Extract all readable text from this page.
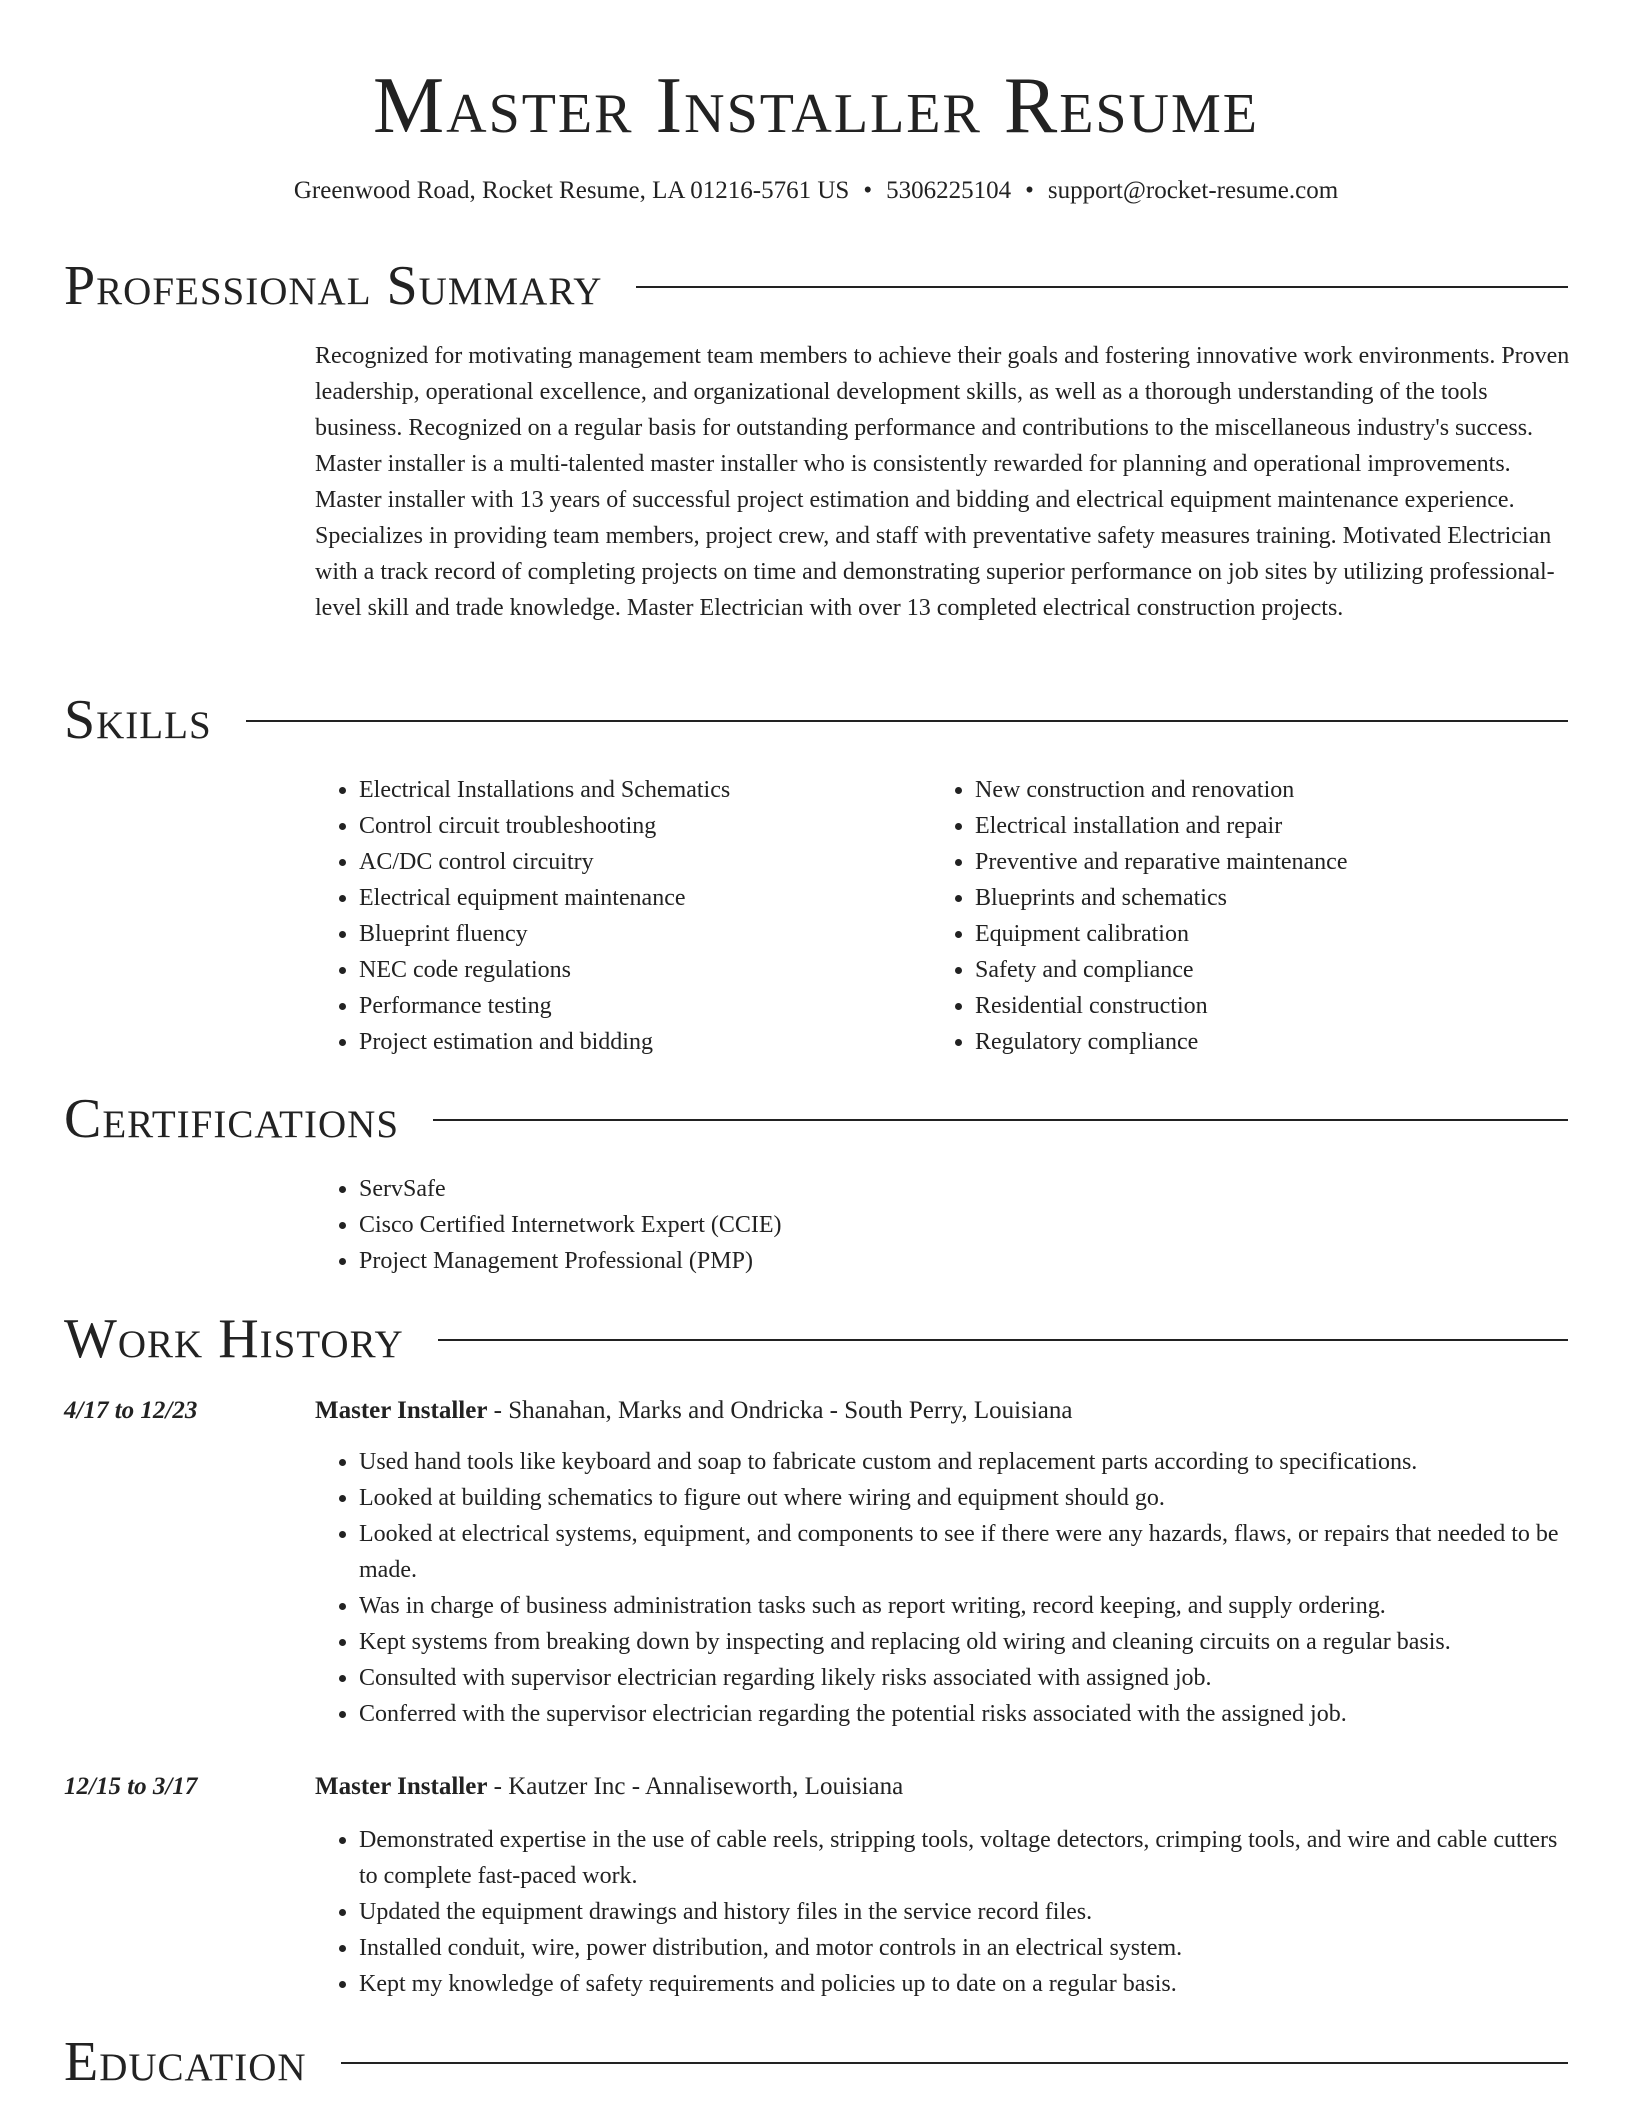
Master Installer Resume
Greenwood Road, Rocket Resume, LA 01216-5761 US • 5306225104 • support@rocket-resume.com
Professional Summary

Recognized for motivating management team members to achieve their goals and fostering innovative work environments. Proven leadership, operational excellence, and organizational development skills, as well as a thorough understanding of the tools business. Recognized on a regular basis for outstanding performance and contributions to the miscellaneous industry's success. Master installer is a multi-talented master installer who is consistently rewarded for planning and operational improvements. Master installer with 13 years of successful project estimation and bidding and electrical equipment maintenance experience. Specializes in providing team members, project crew, and staff with preventative safety measures training. Motivated Electrician with a track record of completing projects on time and demonstrating superior performance on job sites by utilizing professional-level skill and trade knowledge. Master Electrician with over 13 completed electrical construction projects.

Skills
• Electrical Installations and Schematics
• Control circuit troubleshooting
• AC/DC control circuitry
• Electrical equipment maintenance
• Blueprint fluency
• NEC code regulations
• Performance testing
• Project estimation and bidding
• New construction and renovation
• Electrical installation and repair
• Preventive and reparative maintenance
• Blueprints and schematics
• Equipment calibration
• Safety and compliance
• Residential construction
• Regulatory compliance
Certifications
• ServSafe
• Cisco Certified Internetwork Expert (CCIE)
• Project Management Professional (PMP)
Work History
4/17 to 12/23	Master Installer - Shanahan, Marks and Ondricka - South Perry, Louisiana
• Used hand tools like keyboard and soap to fabricate custom and replacement parts according to specifications.
• Looked at building schematics to figure out where wiring and equipment should go.
• Looked at electrical systems, equipment, and components to see if there were any hazards, flaws, or repairs that needed to be made.
• Was in charge of business administration tasks such as report writing, record keeping, and supply ordering.
• Kept systems from breaking down by inspecting and replacing old wiring and cleaning circuits on a regular basis.
• Consulted with supervisor electrician regarding likely risks associated with assigned job.
• Conferred with the supervisor electrician regarding the potential risks associated with the assigned job.
12/15 to 3/17	Master Installer - Kautzer Inc - Annaliseworth, Louisiana
• Demonstrated expertise in the use of cable reels, stripping tools, voltage detectors, crimping tools, and wire and cable cutters to complete fast-paced work.
• Updated the equipment drawings and history files in the service record files.
• Installed conduit, wire, power distribution, and motor controls in an electrical system.
• Kept my knowledge of safety requirements and policies up to date on a regular basis.
Education
